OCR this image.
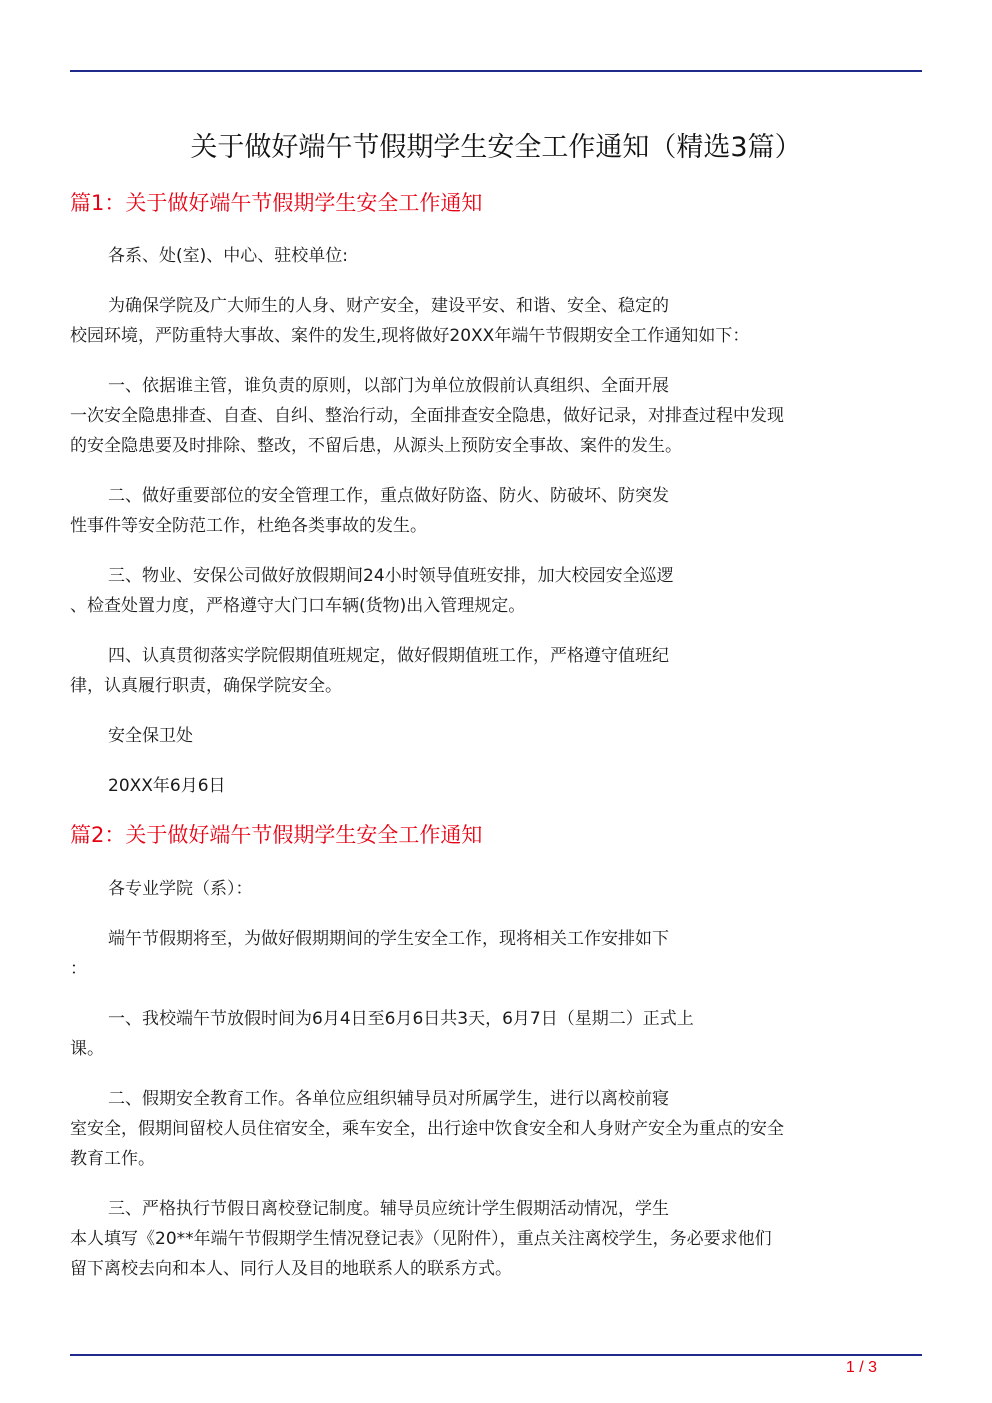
关于做好端午节假期学生安全工作通知（精选3篇）
篇1：关于做好端午节假期学生安全工作通知

各系、处(室)、中心、驻校单位:

为确保学院及广大师生的人身、财产安全，建设平安、和谐、安全、稳定的
校园环境，严防重特大事故、案件的发生,现将做好20XX年端午节假期安全工作通知如下：

一、依据谁主管，谁负责的原则，以部门为单位放假前认真组织、全面开展
一次安全隐患排查、自查、自纠、整治行动，全面排查安全隐患，做好记录，对排查过程中发现
的安全隐患要及时排除、整改，不留后患，从源头上预防安全事故、案件的发生。

二、做好重要部位的安全管理工作，重点做好防盗、防火、防破坏、防突发
性事件等安全防范工作，杜绝各类事故的发生。

三、物业、安保公司做好放假期间24小时领导值班安排，加大校园安全巡逻
、检查处置力度，严格遵守大门口车辆(货物)出入管理规定。

四、认真贯彻落实学院假期值班规定，做好假期值班工作，严格遵守值班纪
律，认真履行职责，确保学院安全。

安全保卫处

20XX年6月6日

篇2：关于做好端午节假期学生安全工作通知

各专业学院（系）：

端午节假期将至，为做好假期期间的学生安全工作，现将相关工作安排如下
：

一、我校端午节放假时间为6月4日至6月6日共3天，6月7日（星期二）正式上
课。

二、假期安全教育工作。各单位应组织辅导员对所属学生，进行以离校前寝
室安全，假期间留校人员住宿安全，乘车安全，出行途中饮食安全和人身财产安全为重点的安全
教育工作。

三、严格执行节假日离校登记制度。辅导员应统计学生假期活动情况，学生
本人填写《20**年端午节假期学生情况登记表》（见附件），重点关注离校学生，务必要求他们
留下离校去向和本人、同行人及目的地联系人的联系方式。

1 / 3
